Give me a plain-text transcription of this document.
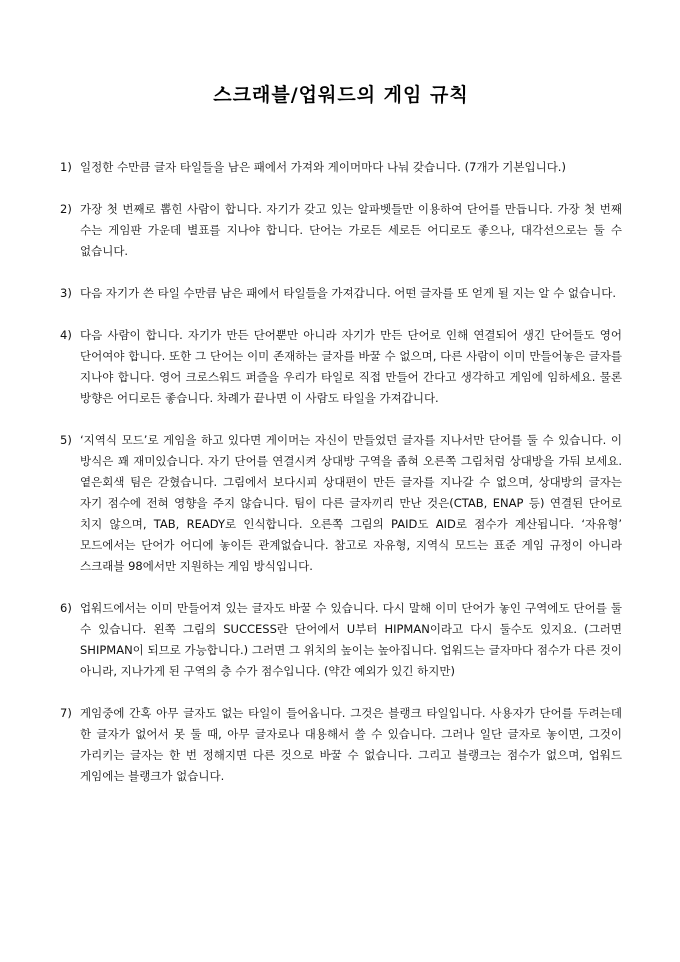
스크래블/업워드의 게임 규칙
1) 일정한 수만큼 글자 타일들을 남은 패에서 가져와 게이머마다 나눠 갖습니다. (7개가 기본입니다.)
2) 가장 첫 번째로 뽑힌 사람이 합니다. 자기가 갖고 있는 알파벳들만 이용하여 단어를 만듭니다. 가장 첫 번째 수는 게임판 가운데 별표를 지나야 합니다. 단어는 가로든 세로든 어디로도 좋으나, 대각선으로는 둘 수 없습니다.
3) 다음 자기가 쓴 타일 수만큼 남은 패에서 타일들을 가져갑니다. 어떤 글자를 또 얻게 될 지는 알 수 없습니다.
4) 다음 사람이 합니다. 자기가 만든 단어뿐만 아니라 자기가 만든 단어로 인해 연결되어 생긴 단어들도 영어 단어여야 합니다. 또한 그 단어는 이미 존재하는 글자를 바꿀 수 없으며, 다른 사람이 이미 만들어놓은 글자를 지나야 합니다. 영어 크로스워드 퍼즐을 우리가 타일로 직접 만들어 간다고 생각하고 게임에 임하세요. 물론 방향은 어디로든 좋습니다. 차례가 끝나면 이 사람도 타일을 가져갑니다.
5) ‘지역식 모드’로 게임을 하고 있다면 게이머는 자신이 만들었던 글자를 지나서만 단어를 둘 수 있습니다. 이 방식은 꽤 재미있습니다. 자기 단어를 연결시켜 상대방 구역을 좁혀 오른쪽 그림처럼 상대방을 가둬 보세요. 옅은회색 팀은 갇혔습니다. 그림에서 보다시피 상대편이 만든 글자를 지나갈 수 없으며, 상대방의 글자는 자기 점수에 전혀 영향을 주지 않습니다. 팀이 다른 글자끼리 만난 것은(CTAB, ENAP 등) 연결된 단어로 치지 않으며, TAB, READY로 인식합니다. 오른쪽 그림의 PAID도 AID로 점수가 계산됩니다. ‘자유형’ 모드에서는 단어가 어디에 놓이든 관계없습니다. 참고로 자유형, 지역식 모드는 표준 게임 규정이 아니라 스크래블 98에서만 지원하는 게임 방식입니다.
6) 업워드에서는 이미 만들어져 있는 글자도 바꿀 수 있습니다. 다시 말해 이미 단어가 놓인 구역에도 단어를 둘 수 있습니다. 왼쪽 그림의 SUCCESS란 단어에서 U부터 HIPMAN이라고 다시 둘수도 있지요. (그러면 SHIPMAN이 되므로 가능합니다.) 그러면 그 위치의 높이는 높아집니다. 업워드는 글자마다 점수가 다른 것이 아니라, 지나가게 된 구역의 층 수가 점수입니다. (약간 예외가 있긴 하지만)
7) 게임중에 간혹 아무 글자도 없는 타일이 들어옵니다. 그것은 블랭크 타일입니다. 사용자가 단어를 두려는데 한 글자가 없어서 못 둘 때, 아무 글자로나 대용해서 쓸 수 있습니다. 그러나 일단 글자로 놓이면, 그것이 가리키는 글자는 한 번 정해지면 다른 것으로 바꿀 수 없습니다. 그리고 블랭크는 점수가 없으며, 업워드 게임에는 블랭크가 없습니다.
